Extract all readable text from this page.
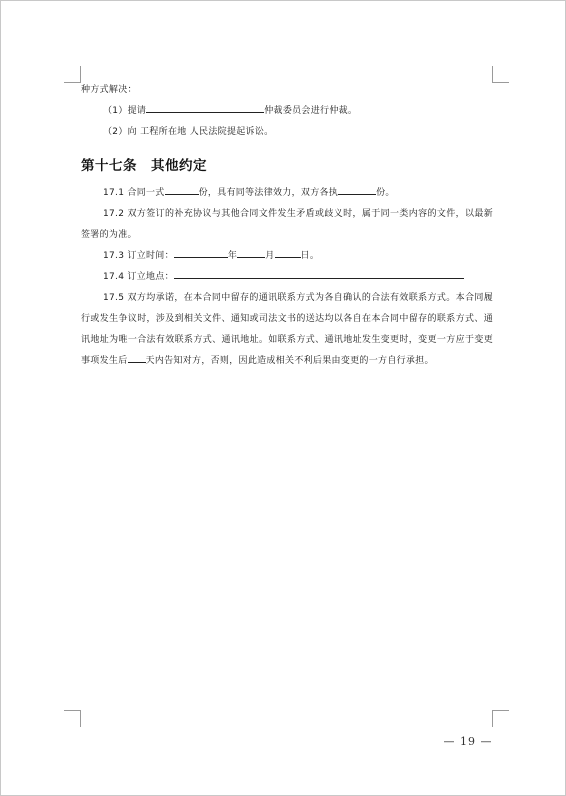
种方式解决：
（1）提请	仲裁委员会进行仲裁。
（2）向 工程所在地 人民法院提起诉讼。
第十七条 其他约定
17.1 合同一式	份，具有同等法律效力，双方各执	份。
17.2 双方签订的补充协议与其他合同文件发生矛盾或歧义时，属于同一类内容的文件，以最新签署的为准。
17.3 订立时间：	年	月	日。
17.4 订立地点：
17.5 双方均承诺，在本合同中留存的通讯联系方式为各自确认的合法有效联系方式。本合同履行或发生争议时，涉及到相关文件、通知或司法文书的送达均以各自在本合同中留存的联系方式、通讯地址为唯一合法有效联系方式、通讯地址。如联系方式、通讯地址发生变更时，变更一方应于变更事项发生后 天内告知对方，否则，因此造成相关不利后果由变更的一方自行承担。
— 19 —
